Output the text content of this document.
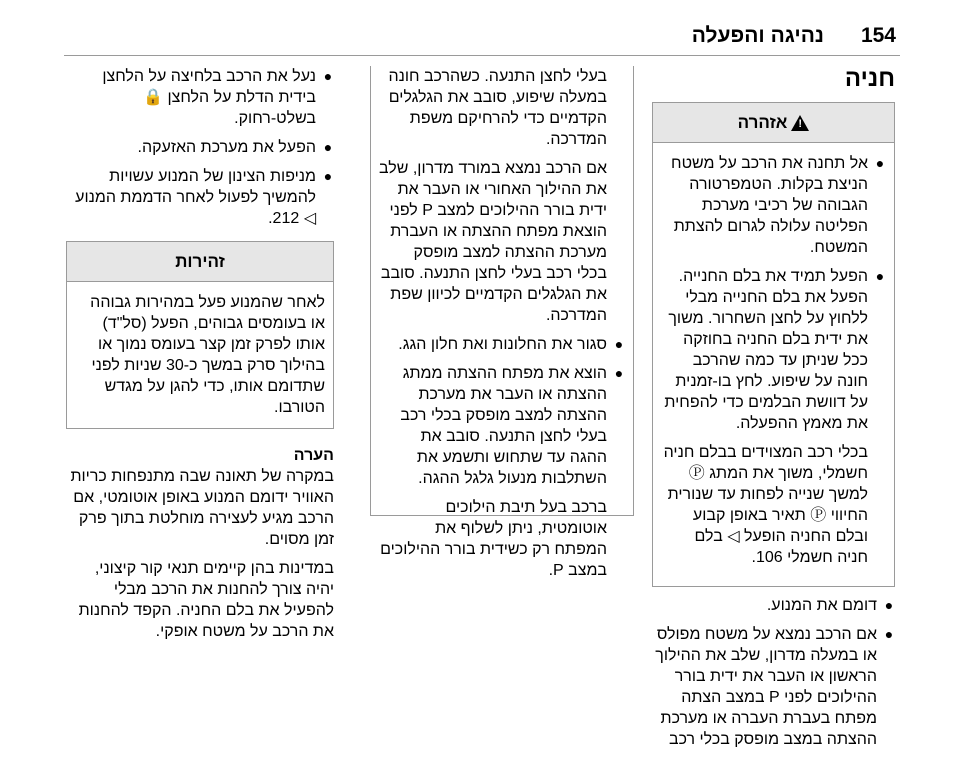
154
נהיגה והפעלה
חניה
!
אזהרה
●
אל תחנה את הרכב על משטח הניצת בקלות. הטמפרטורה הגבוהה של רכיבי מערכת הפליטה עלולה לגרום להצתת המשטח.
●
הפעל תמיד את בלם החנייה. הפעל את בלם החנייה מבלי ללחוץ על לחצן השחרור. משוך את ידית בלם החניה בחוזקה ככל שניתן עד כמה שהרכב חונה על שיפוע. לחץ בו-זמנית על דוושת הבלמים כדי להפחית את מאמץ ההפעלה.
בכלי רכב המצוידים בבלם חניה חשמלי, משוך את המתג Ⓟ למשך שנייה לפחות עד שנורית החיווי Ⓟ תאיר באופן קבוע ובלם החניה הופעל ◁ בלם חניה חשמלי 106.
●
דומם את המנוע.
●
אם הרכב נמצא על משטח מפולס או במעלה מדרון, שלב את ההילוך הראשון או העבר את ידית בורר ההילוכים לפני P במצב הצתה מפתח בעברת העברה או מערכת ההצתה במצב מופסק בכלי רכב
בעלי לחצן התנעה. כשהרכב חונה במעלה שיפוע, סובב את הגלגלים הקדמיים כדי להרחיקם משפת המדרכה.
אם הרכב נמצא במורד מדרון, שלב את ההילוך האחורי או העבר את ידית בורר ההילוכים למצב P לפני הוצאת מפתח ההצתה או העברת מערכת ההצתה למצב מופסק בכלי רכב בעלי לחצן התנעה. סובב את הגלגלים הקדמיים לכיוון שפת המדרכה.
●
סגור את החלונות ואת חלון הגג.
●
הוצא את מפתח ההצתה ממתג ההצתה או העבר את מערכת ההצתה למצב מופסק בכלי רכב בעלי לחצן התנעה. סובב את ההגה עד שתחוש ותשמע את השתלבות מנעול גלגל ההגה.
ברכב בעל תיבת הילוכים אוטומטית, ניתן לשלוף את המפתח רק כשידית בורר ההילוכים במצב P.
●
נעל את הרכב בלחיצה על הלחצן בידית הדלת על הלחצן 🔒 בשלט-רחוק.
●
הפעל את מערכת האזעקה.
●
מניפות הצינון של המנוע עשויות להמשיך לפעול לאחר הדממת המנוע ◁ 212.
זהירות
לאחר שהמנוע פעל במהירות גבוהה או בעומסים גבוהים, הפעל (סל"ד) אותו לפרק זמן קצר בעומס נמוך או בהילוך סרק במשך כ-30 שניות לפני שתדומם אותו, כדי להגן על מגדש הטורבו.
הערה
במקרה של תאונה שבה מתנפחות כריות האוויר ידומם המנוע באופן אוטומטי, אם הרכב מגיע לעצירה מוחלטת בתוך פרק זמן מסוים.
במדינות בהן קיימים תנאי קור קיצוני, יהיה צורך להחנות את הרכב מבלי להפעיל את בלם החניה. הקפד להחנות את הרכב על משטח אופקי.
